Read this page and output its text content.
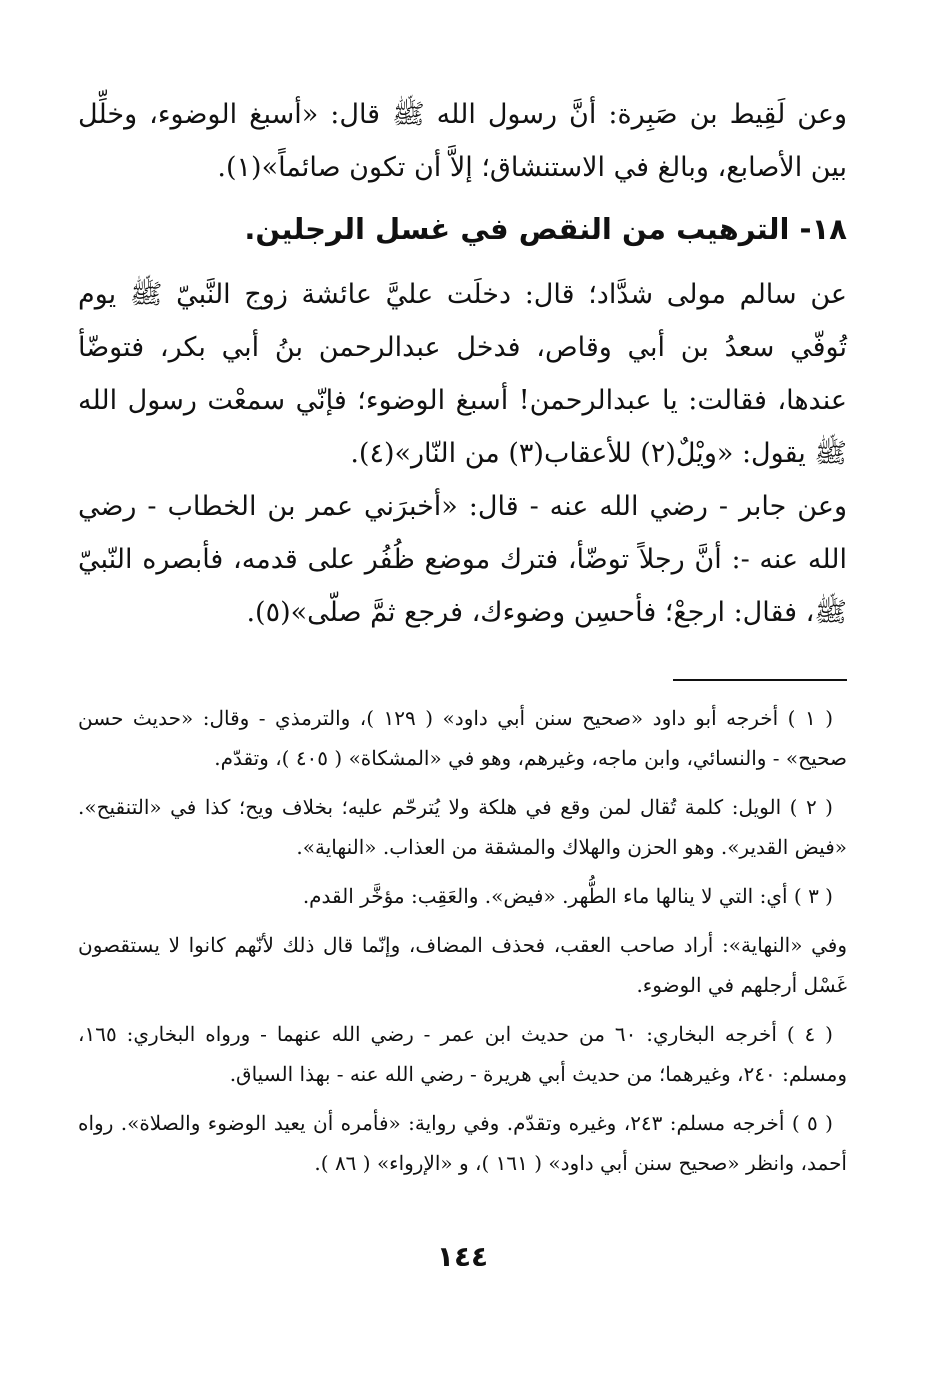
وعن لَقِيط بن صَبِرة: أنَّ رسول الله ﷺ قال: «أسبغ الوضوء، وخلِّل بين الأصابع، وبالغ في الاستنشاق؛ إلاَّ أن تكون صائماً»(١).

١٨- الترهيب من النقص في غسل الرجلين.

عن سالم مولى شدَّاد؛ قال: دخلَت عليَّ عائشة زوج النَّبيّ ﷺ يوم تُوفّي سعدُ بن أبي وقاص، فدخل عبدالرحمن بنُ أبي بكر، فتوضّأ عندها، فقالت: يا عبدالرحمن! أسبغ الوضوء؛ فإنّي سمعْت رسول الله ﷺ يقول: «ويْلٌ(٢) للأعقاب(٣) من النّار»(٤).

وعن جابر - رضي الله عنه - قال: «أخبرَني عمر بن الخطاب - رضي الله عنه -: أنَّ رجلاً توضّأ، فترك موضع ظُفُر على قدمه، فأبصره النّبيّ ﷺ، فقال: ارجعْ؛ فأحسِن وضوءك، فرجع ثمَّ صلّى»(٥).

( ١ ) أخرجه أبو داود «صحيح سنن أبي داود» ( ١٢٩ )، والترمذي - وقال: «حديث حسن صحيح» - والنسائي، وابن ماجه، وغيرهم، وهو في «المشكاة» ( ٤٠٥ )، وتقدّم.

( ٢ ) الويل: كلمة تُقال لمن وقع في هلكة ولا يُترحّم عليه؛ بخلاف ويح؛ كذا في «التنقيح». «فيض القدير». وهو الحزن والهلاك والمشقة من العذاب. «النهاية».

( ٣ ) أي: التي لا ينالها ماء الطُّهر. «فيض». والعَقِب: مؤخَّر القدم.

وفي «النهاية»: أراد صاحب العقب، فحذف المضاف، وإنّما قال ذلك لأنّهم كانوا لا يستقصون غَسْل أرجلهم في الوضوء.

( ٤ ) أخرجه البخاري: ٦٠ من حديث ابن عمر - رضي الله عنهما - ورواه البخاري: ١٦٥، ومسلم: ٢٤٠، وغيرهما؛ من حديث أبي هريرة - رضي الله عنه - بهذا السياق.

( ٥ ) أخرجه مسلم: ٢٤٣، وغيره وتقدّم. وفي رواية: «فأمره أن يعيد الوضوء والصلاة». رواه أحمد، وانظر «صحيح سنن أبي داود» ( ١٦١ )، و «الإرواء» ( ٨٦ ).

١٤٤
